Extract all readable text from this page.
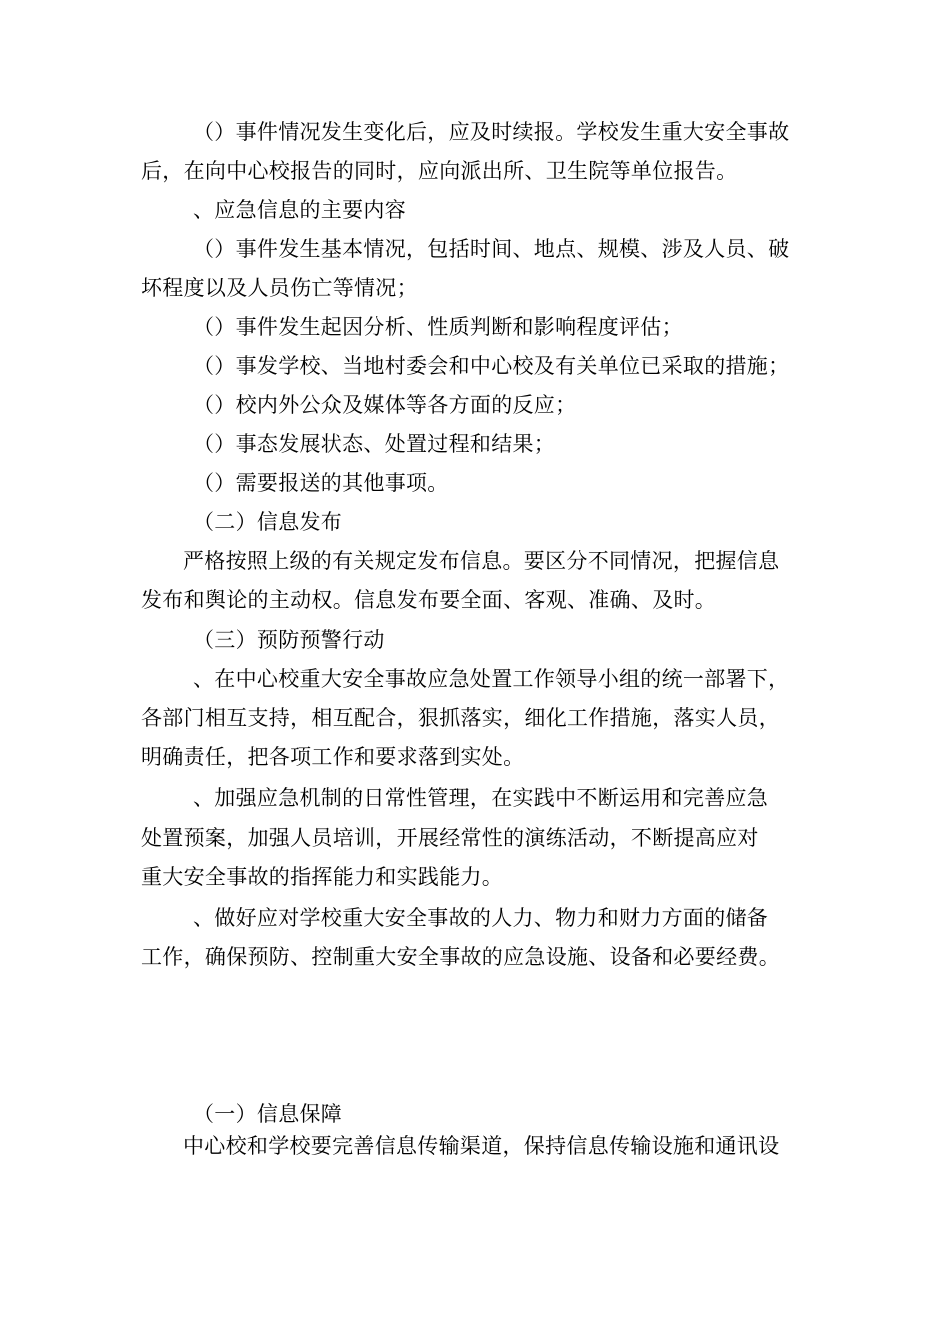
（）事件情况发生变化后，应及时续报。学校发生重大安全事故
后，在向中心校报告的同时，应向派出所、卫生院等单位报告。
、应急信息的主要内容
（）事件发生基本情况，包括时间、地点、规模、涉及人员、破
坏程度以及人员伤亡等情况；
（）事件发生起因分析、性质判断和影响程度评估；
（）事发学校、当地村委会和中心校及有关单位已采取的措施；
（）校内外公众及媒体等各方面的反应；
（）事态发展状态、处置过程和结果；
（）需要报送的其他事项。
（二）信息发布
严格按照上级的有关规定发布信息。要区分不同情况，把握信息
发布和舆论的主动权。信息发布要全面、客观、准确、及时。
（三）预防预警行动
、在中心校重大安全事故应急处置工作领导小组的统一部署下，
各部门相互支持，相互配合，狠抓落实，细化工作措施，落实人员，
明确责任，把各项工作和要求落到实处。
、加强应急机制的日常性管理，在实践中不断运用和完善应急
处置预案，加强人员培训，开展经常性的演练活动，不断提高应对
重大安全事故的指挥能力和实践能力。
、做好应对学校重大安全事故的人力、物力和财力方面的储备
工作，确保预防、控制重大安全事故的应急设施、设备和必要经费。
（一）信息保障
中心校和学校要完善信息传输渠道，保持信息传输设施和通讯设
